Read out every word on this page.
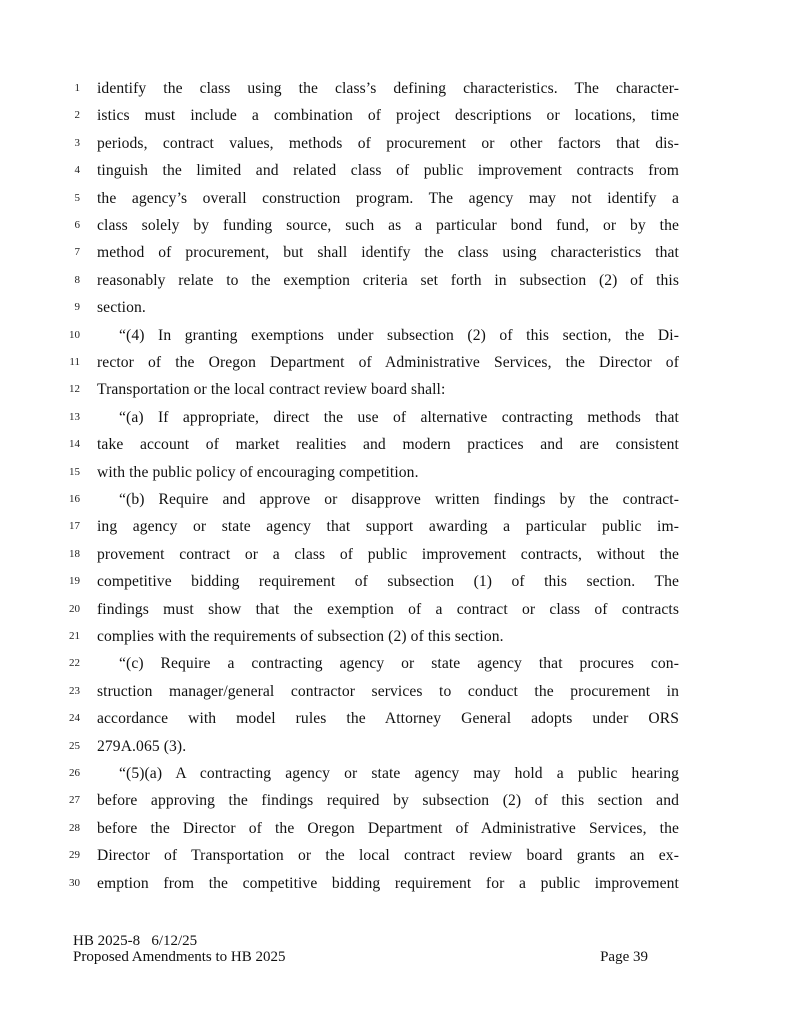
1 identify the class using the class’s defining characteristics. The character-
2 istics must include a combination of project descriptions or locations, time
3 periods, contract values, methods of procurement or other factors that dis-
4 tinguish the limited and related class of public improvement contracts from
5 the agency’s overall construction program. The agency may not identify a
6 class solely by funding source, such as a particular bond fund, or by the
7 method of procurement, but shall identify the class using characteristics that
8 reasonably relate to the exemption criteria set forth in subsection (2) of this
9 section.
10	“(4) In granting exemptions under subsection (2) of this section, the Di-
11 rector of the Oregon Department of Administrative Services, the Director of
12 Transportation or the local contract review board shall:
13	“(a) If appropriate, direct the use of alternative contracting methods that
14 take account of market realities and modern practices and are consistent
15 with the public policy of encouraging competition.
16	“(b) Require and approve or disapprove written findings by the contract-
17 ing agency or state agency that support awarding a particular public im-
18 provement contract or a class of public improvement contracts, without the
19 competitive bidding requirement of subsection (1) of this section. The
20 findings must show that the exemption of a contract or class of contracts
21 complies with the requirements of subsection (2) of this section.
22	“(c) Require a contracting agency or state agency that procures con-
23 struction manager/general contractor services to conduct the procurement in
24 accordance with model rules the Attorney General adopts under ORS
25 279A.065 (3).
26	“(5)(a) A contracting agency or state agency may hold a public hearing
27 before approving the findings required by subsection (2) of this section and
28 before the Director of the Oregon Department of Administrative Services, the
29 Director of Transportation or the local contract review board grants an ex-
30 emption from the competitive bidding requirement for a public improvement
HB 2025-8   6/12/25
Proposed Amendments to HB 2025	Page 39
